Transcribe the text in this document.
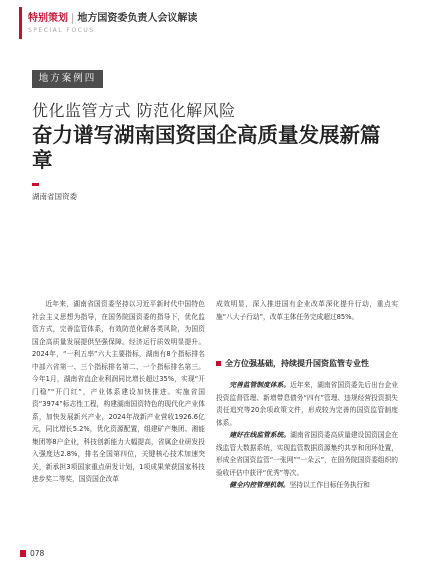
特别策划 | 地方国资委负责人会议解读
SPECIAL FOCUS
地方案例四
优化监管方式 防范化解风险
奋力谱写湖南国资国企高质量发展新篇章
湖南省国资委

近年来，湖南省国资委坚持以习近平新时代中国特色社会主义思想为指导，在国务院国资委的指导下，优化监管方式，完善监管体系，有效防范化解各类风险，为国资国企高质量发展提供坚强保障。经济运行质效明显提升。2024年，“一利五率”六大主要指标，湖南有8个指标排名中部六省第一、三个指标排名第二、一个指标排名第三。今年1月，湖南省直企业利润同比增长超过35%，实现“开门稳”“开门红”，产业体系建设加快推进。实施省国资“3974”标志性工程，构建湖南国资特色的现代化产业体系，加快发展新兴产业，2024年战新产业营收1926.6亿元，同比增长5.2%，优化资源配置，组建矿产集团、湘能集团等8户企业，科技创新能力大幅提高，省属企业研发投入强度达2.8%，排名全国第四位，关键核心技术加速突关，新承担3项国家重点研发计划，1项成果荣获国家科技进步奖二等奖，国资国企改革

成效明显，深入推进国有企业改革深化提升行动，重点实施“八大子行动”，改革主体任务完成超过85%。

全方位强基础，持续提升国资监管专业性

完善监管制度体系。近年来，湖南省国资委先后出台企业投资监督管理、新增带息债务“四有”管理、违规经营投资损失责任追究等20余项政策文件，形成较为完善的国资监管制度体系。

建好在线监管系统。湖南省国资委高质量建设国资国企在线监管大数据系统，实现监管数据资源集约共享和闭环处置，形成全省国资监管“一张网”“一朵云”，在国务院国资委组织的验收评估中获评“优秀”等次。

健全内控管理机制。坚持以工作目标任务执行和

078
